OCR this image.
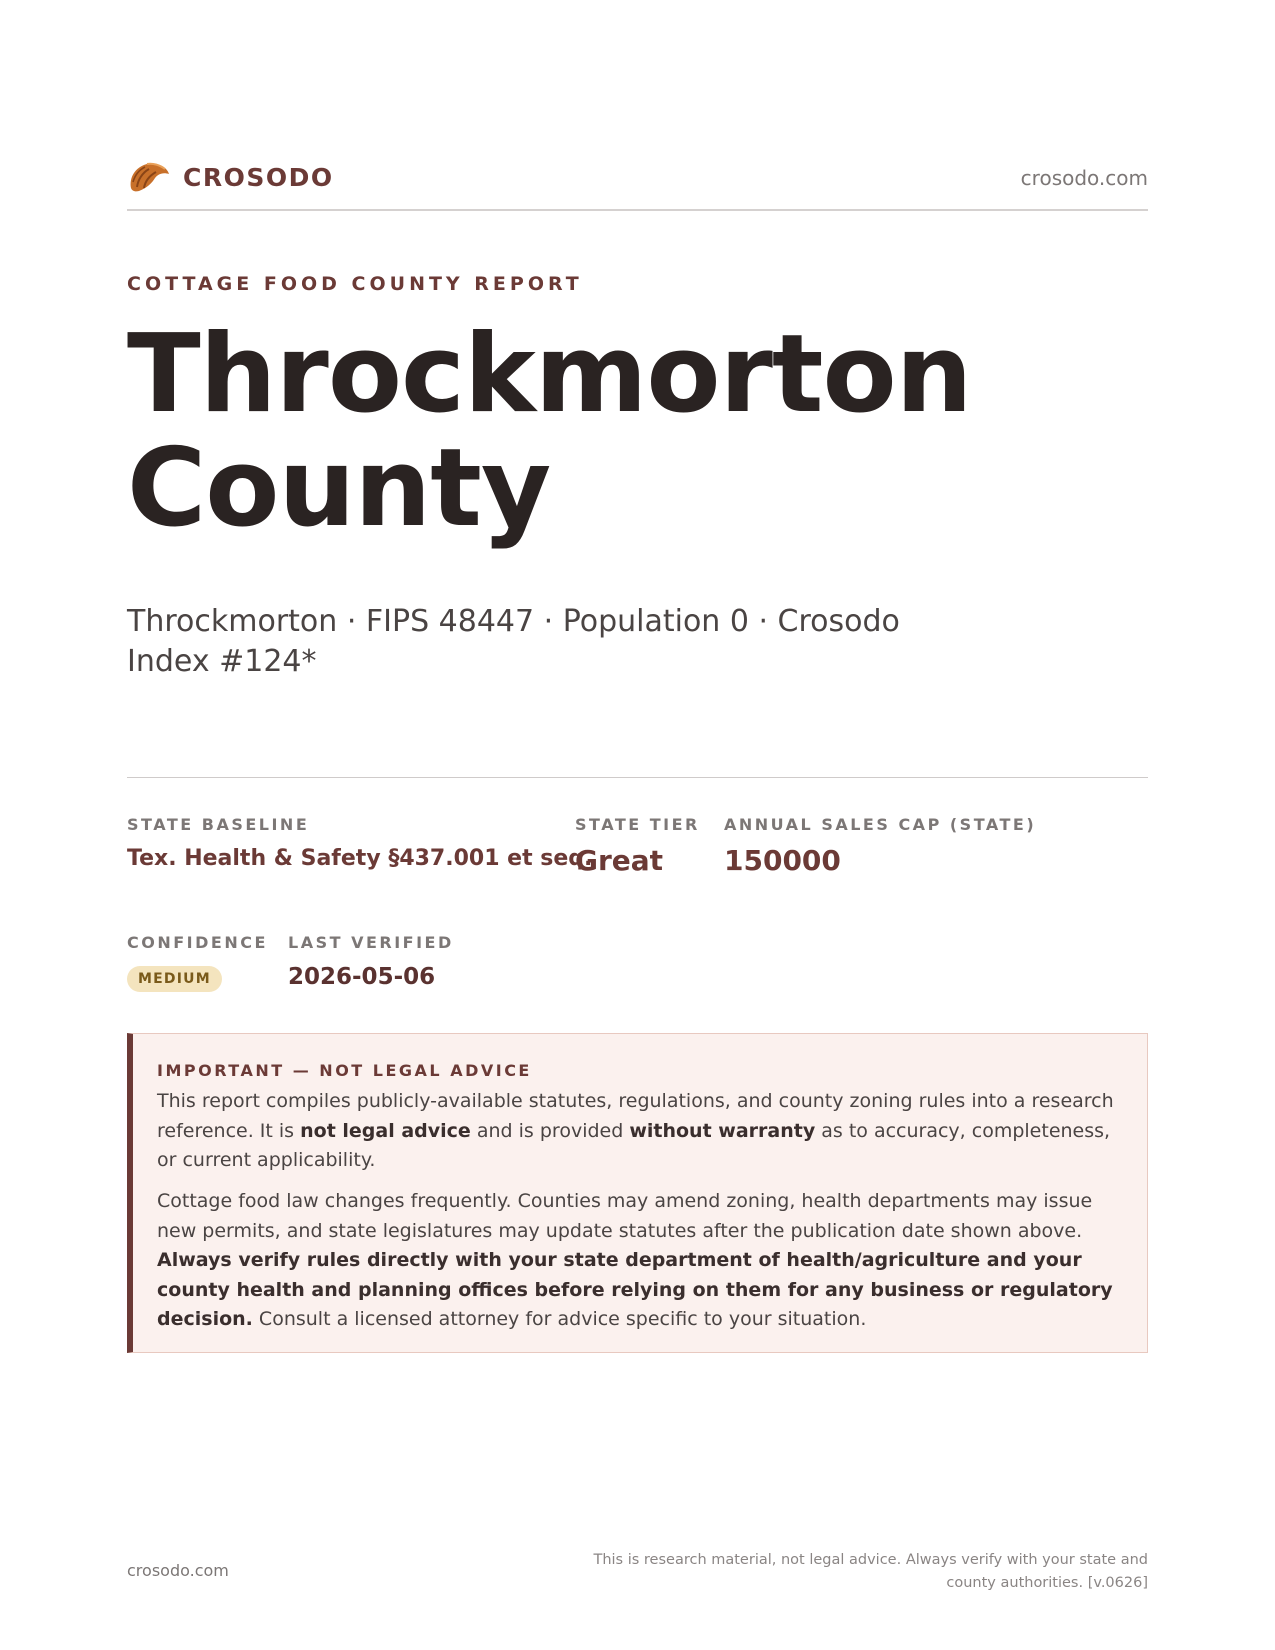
CROSODO	crosodo.com
COTTAGE FOOD COUNTY REPORT
Throckmorton
County
Throckmorton · FIPS 48447 · Population 0 · Crosodo Index #124*
STATE BASELINE
Tex. Health & Safety §437.001 et seq.
STATE TIER
Great
ANNUAL SALES CAP (STATE)
150000
CONFIDENCE
MEDIUM
LAST VERIFIED
2026-05-06
IMPORTANT — NOT LEGAL ADVICE

This report compiles publicly-available statutes, regulations, and county zoning rules into a research reference. It is not legal advice and is provided without warranty as to accuracy, completeness, or current applicability.

Cottage food law changes frequently. Counties may amend zoning, health departments may issue new permits, and state legislatures may update statutes after the publication date shown above. Always verify rules directly with your state department of health/agriculture and your county health and planning offices before relying on them for any business or regulatory decision. Consult a licensed attorney for advice specific to your situation.

crosodo.com
This is research material, not legal advice. Always verify with your state and county authorities. [v.0626]
